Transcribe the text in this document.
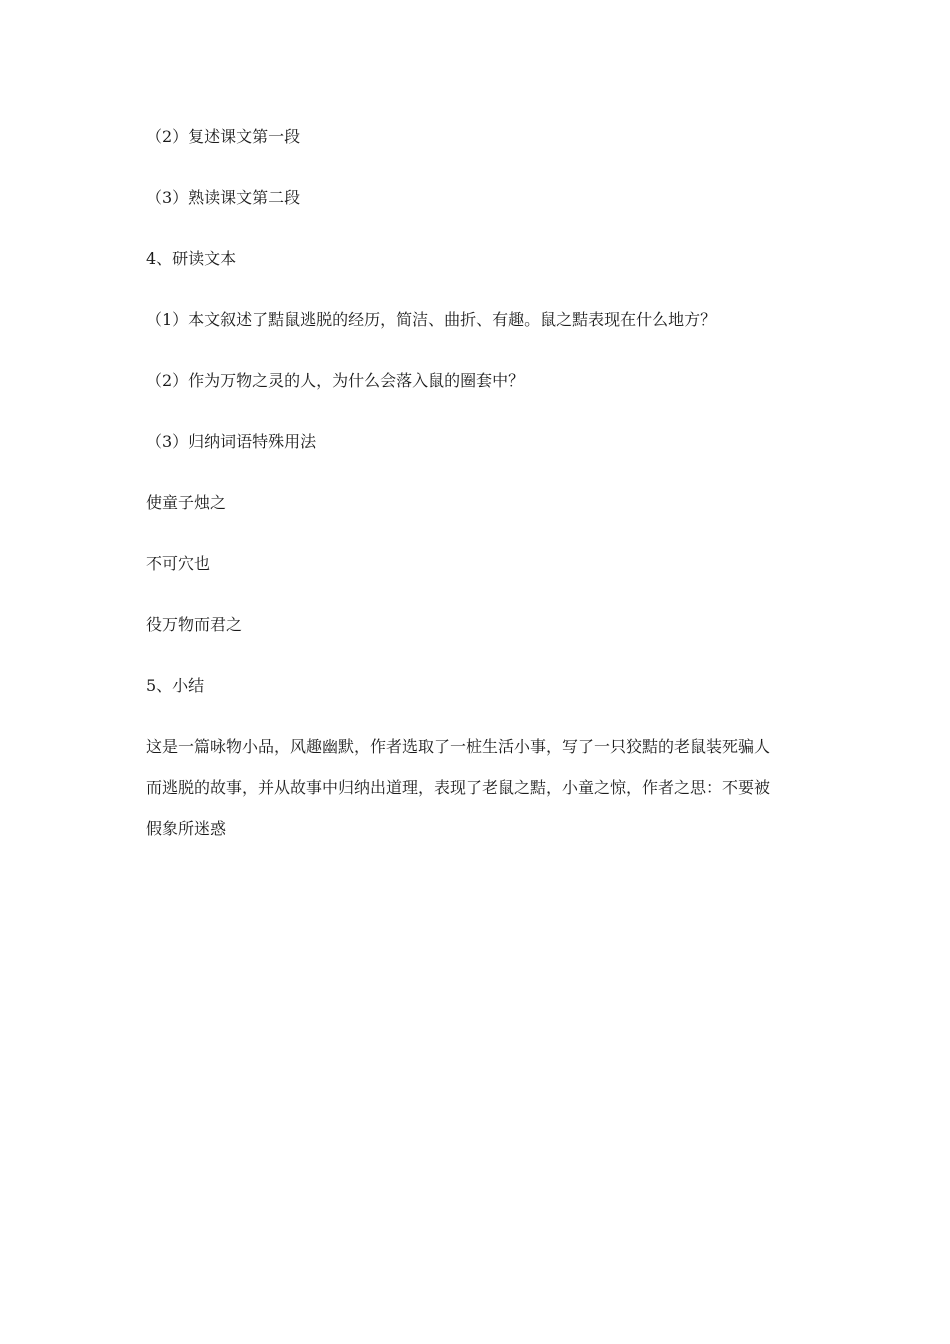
（2）复述课文第一段

（3）熟读课文第二段

4、研读文本

（1）本文叙述了黠鼠逃脱的经历，简洁、曲折、有趣。鼠之黠表现在什么地方？

（2）作为万物之灵的人，为什么会落入鼠的圈套中？

（3）归纳词语特殊用法

使童子烛之

不可穴也

役万物而君之

5、小结

这是一篇咏物小品，风趣幽默，作者选取了一桩生活小事，写了一只狡黠的老鼠装死骗人
而逃脱的故事，并从故事中归纳出道理，表现了老鼠之黠，小童之惊，作者之思：不要被
假象所迷惑
